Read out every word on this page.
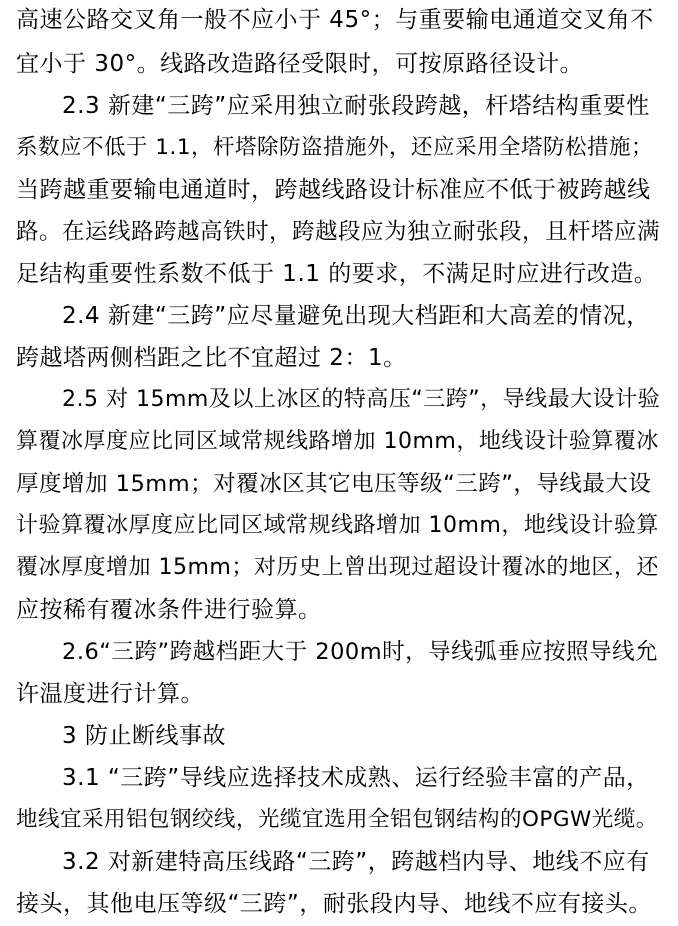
高速公路交叉角一般不应小于 45°；与重要输电通道交叉角不
宜小于 30°。线路改造路径受限时，可按原路径设计。
2.3 新建“三跨”应采用独立耐张段跨越，杆塔结构重要性
系数应不低于 1.1，杆塔除防盗措施外，还应采用全塔防松措施；
当跨越重要输电通道时，跨越线路设计标准应不低于被跨越线
路。在运线路跨越高铁时，跨越段应为独立耐张段，且杆塔应满
足结构重要性系数不低于 1.1 的要求，不满足时应进行改造。
2.4 新建“三跨”应尽量避免出现大档距和大高差的情况，
跨越塔两侧档距之比不宜超过 2：1。
2.5 对 15mm及以上冰区的特高压“三跨”，导线最大设计验
算覆冰厚度应比同区域常规线路增加 10mm，地线设计验算覆冰
厚度增加 15mm；对覆冰区其它电压等级“三跨”，导线最大设
计验算覆冰厚度应比同区域常规线路增加 10mm，地线设计验算
覆冰厚度增加 15mm；对历史上曾出现过超设计覆冰的地区，还
应按稀有覆冰条件进行验算。
2.6“三跨”跨越档距大于 200m时，导线弧垂应按照导线允
许温度进行计算。
3 防止断线事故
3.1 “三跨”导线应选择技术成熟、运行经验丰富的产品，
地线宜采用铝包钢绞线，光缆宜选用全铝包钢结构的OPGW光缆。
3.2 对新建特高压线路“三跨”，跨越档内导、地线不应有
接头，其他电压等级“三跨”，耐张段内导、地线不应有接头。
